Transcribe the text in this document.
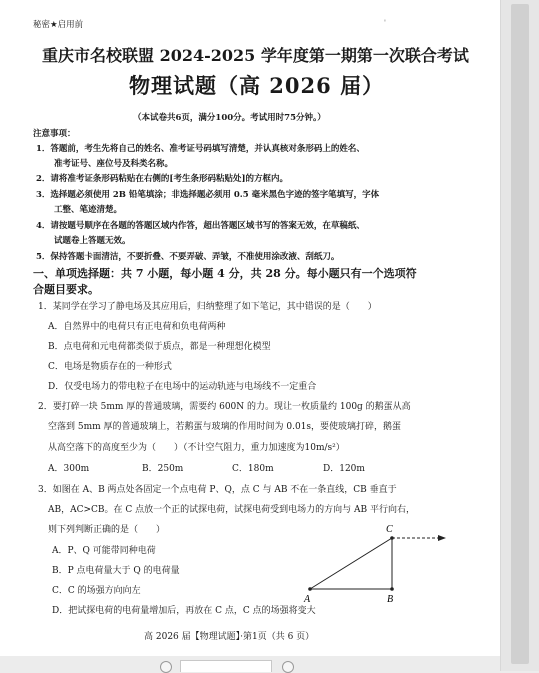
秘密★启用前	'
重庆市名校联盟 2024-2025 学年度第一期第一次联合考试
物理试题（高 2026 届）
（本试卷共6页，满分100分。考试用时75分钟。）
注意事项：
1．答题前，考生先将自己的姓名、准考证号码填写清楚，并认真核对条形码上的姓名、
准考证号、座位号及科类名称。
2．请将准考证条形码粘贴在右侧的[考生条形码粘贴处]的方框内。
3．选择题必须使用 2B 铅笔填涂；非选择题必须用 0.5 毫米黑色字迹的签字笔填写，字体
工整、笔迹清楚。
4．请按题号顺序在各题的答题区域内作答，超出答题区域书写的答案无效，在草稿纸、
试题卷上答题无效。
5．保持答题卡面清洁，不要折叠、不要弄破、弄皱，不准使用涂改液、刮纸刀。
一、单项选择题：共 7 小题，每小题 4 分，共 28 分。每小题只有一个选项符
合题目要求。
1．某同学在学习了静电场及其应用后，归纳整理了如下笔记，其中错误的是（　　）
A．自然界中的电荷只有正电荷和负电荷两种
B．点电荷和元电荷都类似于质点，都是一种理想化模型
C．电场是物质存在的一种形式
D．仅受电场力的带电粒子在电场中的运动轨迹与电场线不一定重合
2．要打碎一块 5mm 厚的普通玻璃，需要约 600N 的力。现让一枚质量约 100g 的鹅蛋从高
空落到 5mm 厚的普通玻璃上，若鹅蛋与玻璃的作用时间为 0.01s，要使玻璃打碎，鹅蛋
从高空落下的高度至少为（　　）（不计空气阻力，重力加速度为10m/s²）
A．300m	B．250m	C．180m	D．120m
3．如图在 A、B 两点处各固定一个点电荷 P、Q，点 C 与 AB 不在一条直线，CB 垂直于
AB，AC>CB。在 C 点放一个正的试探电荷，试探电荷受到电场力的方向与 AB 平行向右，
则下列判断正确的是（　　）
A．P、Q 可能带同种电荷
B．P 点电荷量大于 Q 的电荷量
C．C 的场强方向向左
D．把试探电荷的电荷量增加后，再放在 C 点，C 点的场强将变大
C
A	B
高 2026 届【物理试题】·第1页（共 6 页）
